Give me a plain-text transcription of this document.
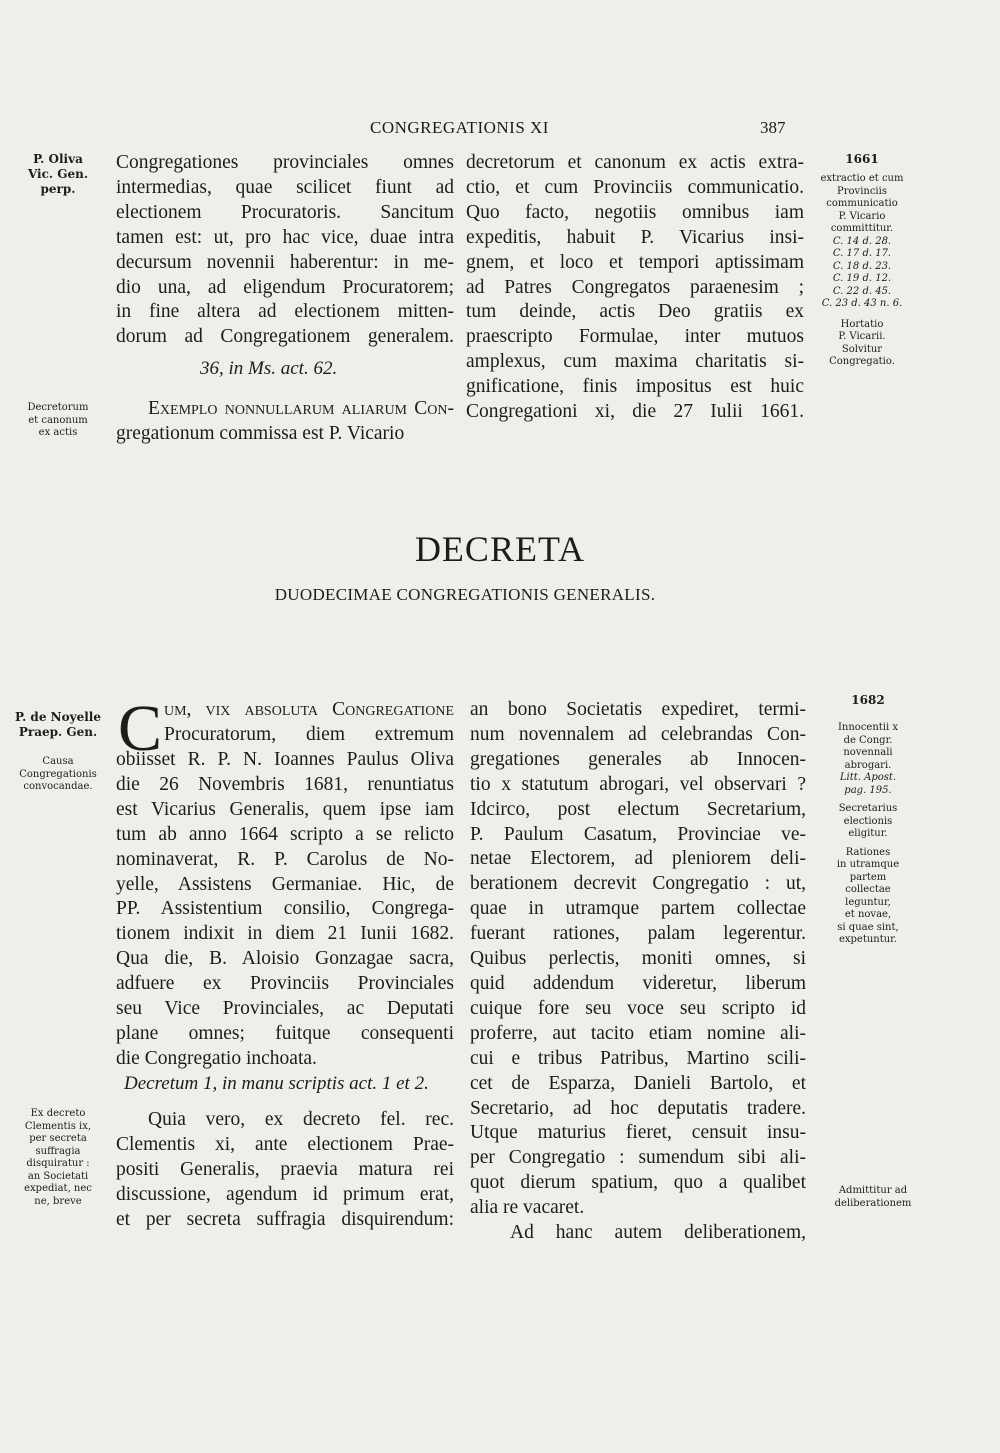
CONGREGATIONIS XI	387
P. Oliva
Vic. Gen.
perp.
Decretorum
et canonum
ex actis
Congregationes provinciales omnes
intermedias, quae scilicet fiunt ad
electionem Procuratoris. Sancitum
tamen est: ut, pro hac vice, duae intra
decursum novennii haberentur: in me-
dio una, ad eligendum Procuratorem;
in fine altera ad electionem mitten-
dorum ad Congregationem generalem.
36, in Ms. act. 62.
Exemplo nonnullarum aliarum Con-
gregationum commissa est P. Vicario
decretorum et canonum ex actis extra-
ctio, et cum Provinciis communicatio.
Quo facto, negotiis omnibus iam
expeditis, habuit P. Vicarius insi-
gnem, et loco et tempori aptissimam
ad Patres Congregatos paraenesim ;
tum deinde, actis Deo gratiis ex
praescripto Formulae, inter mutuos
amplexus, cum maxima charitatis si-
gnificatione, finis impositus est huic
Congregationi xi, die 27 Iulii 1661.
1661
extractio et cum
Provinciis
communicatio
P. Vicario
committitur.
C. 14 d. 28.
C. 17 d. 17.
C. 18 d. 23.
C. 19 d. 12.
C. 22 d. 45.
C. 23 d. 43 n. 6.
Hortatio
P. Vicarii.
Solvitur
Congregatio.
DECRETA
DUODECIMAE CONGREGATIONIS GENERALIS.
P. de Noyelle
Praep. Gen.
Causa
Congregationis
convocandae.
C um, vix absoluta Congregatione
Procuratorum, diem extremum
obiisset R. P. N. Ioannes Paulus Oliva
die 26 Novembris 1681, renuntiatus
est Vicarius Generalis, quem ipse iam
tum ab anno 1664 scripto a se relicto
nominaverat, R. P. Carolus de No-
yelle, Assistens Germaniae. Hic, de
PP. Assistentium consilio, Congrega-
tionem indixit in diem 21 Iunii 1682.
Qua die, B. Aloisio Gonzagae sacra,
adfuere ex Provinciis Provinciales
seu Vice Provinciales, ac Deputati
plane omnes; fuitque consequenti
die Congregatio inchoata.
Decretum 1, in manu scriptis act. 1 et 2.
Quia vero, ex decreto fel. rec.
Clementis xi, ante electionem Prae-
positi Generalis, praevia matura rei
discussione, agendum id primum erat,
et per secreta suffragia disquirendum:
an bono Societatis expediret, termi-
num novennalem ad celebrandas Con-
gregationes generales ab Innocen-
tio x statutum abrogari, vel observari ?
Idcirco, post electum Secretarium,
P. Paulum Casatum, Provinciae ve-
netae Electorem, ad pleniorem deli-
berationem decrevit Congregatio : ut,
quae in utramque partem collectae
fuerant rationes, palam legerentur.
Quibus perlectis, moniti omnes, si
quid addendum videretur, liberum
cuique fore seu voce seu scripto id
proferre, aut tacito etiam nomine ali-
cui e tribus Patribus, Martino scili-
cet de Esparza, Danieli Bartolo, et
Secretario, ad hoc deputatis tradere.
Utque maturius fieret, censuit insu-
per Congregatio : sumendum sibi ali-
quot dierum spatium, quo a qualibet
alia re vacaret.
Ad hanc autem deliberationem,
Ex decreto
Clementis ix,
per secreta
suffragia
disquiratur :
an Societati
expediat, nec
ne, breve
1682
Innocentii x
de Congr.
novennali
abrogari.
Litt. Apost.
pag. 195.
Secretarius
electionis
eligitur.
Rationes
in utramque
partem
collectae
leguntur,
et novae,
si quae sint,
expetuntur.
Admittitur ad
deliberationem
